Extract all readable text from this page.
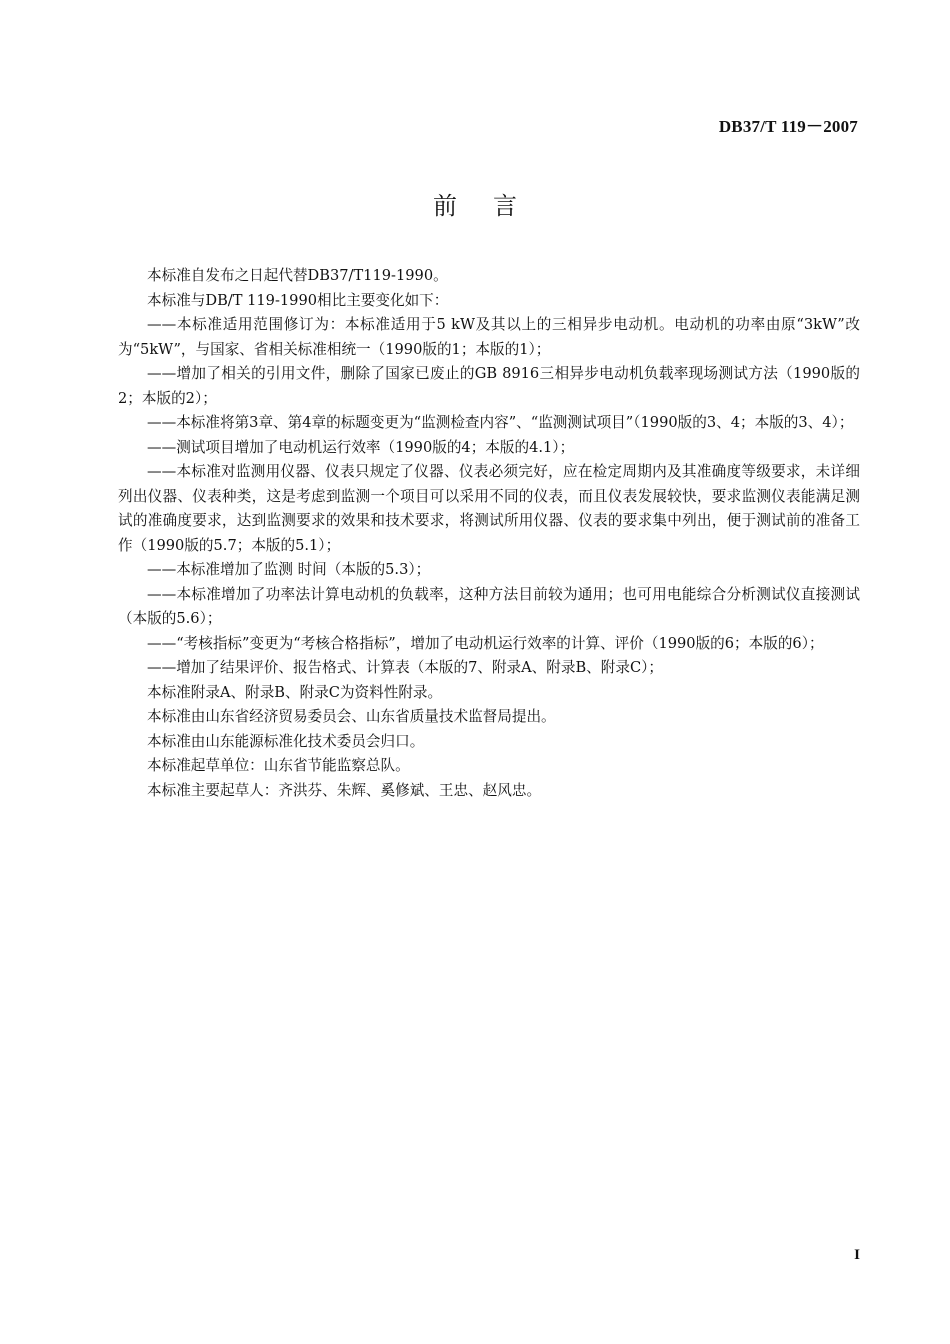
DB37/T 119－2007
前言

本标准自发布之日起代替DB37/T119-1990。

本标准与DB/T 119-1990相比主要变化如下：

——本标准适用范围修订为：本标准适用于5 kW及其以上的三相异步电动机。电动机的功率由原“3kW”改为“5kW”，与国家、省相关标准相统一（1990版的1；本版的1）；

——增加了相关的引用文件，删除了国家已废止的GB 8916三相异步电动机负载率现场测试方法（1990版的2；本版的2）；

——本标准将第3章、第4章的标题变更为“监测检查内容”、“监测测试项目”（1990版的3、4；本版的3、4）；

——测试项目增加了电动机运行效率（1990版的4；本版的4.1）；

——本标准对监测用仪器、仪表只规定了仪器、仪表必须完好，应在检定周期内及其准确度等级要求，未详细列出仪器、仪表种类，这是考虑到监测一个项目可以采用不同的仪表，而且仪表发展较快，要求监测仪表能满足测试的准确度要求，达到监测要求的效果和技术要求，将测试所用仪器、仪表的要求集中列出，便于测试前的准备工作（1990版的5.7；本版的5.1）；

——本标准增加了监测 时间（本版的5.3）；

——本标准增加了功率法计算电动机的负载率，这种方法目前较为通用；也可用电能综合分析测试仪直接测试（本版的5.6）；

——“考核指标”变更为“考核合格指标”，增加了电动机运行效率的计算、评价（1990版的6；本版的6）；

——增加了结果评价、报告格式、计算表（本版的7、附录A、附录B、附录C）；

本标准附录A、附录B、附录C为资料性附录。

本标准由山东省经济贸易委员会、山东省质量技术监督局提出。

本标准由山东能源标准化技术委员会归口。

本标准起草单位：山东省节能监察总队。

本标准主要起草人：齐洪芬、朱辉、奚修斌、王忠、赵风忠。

I
